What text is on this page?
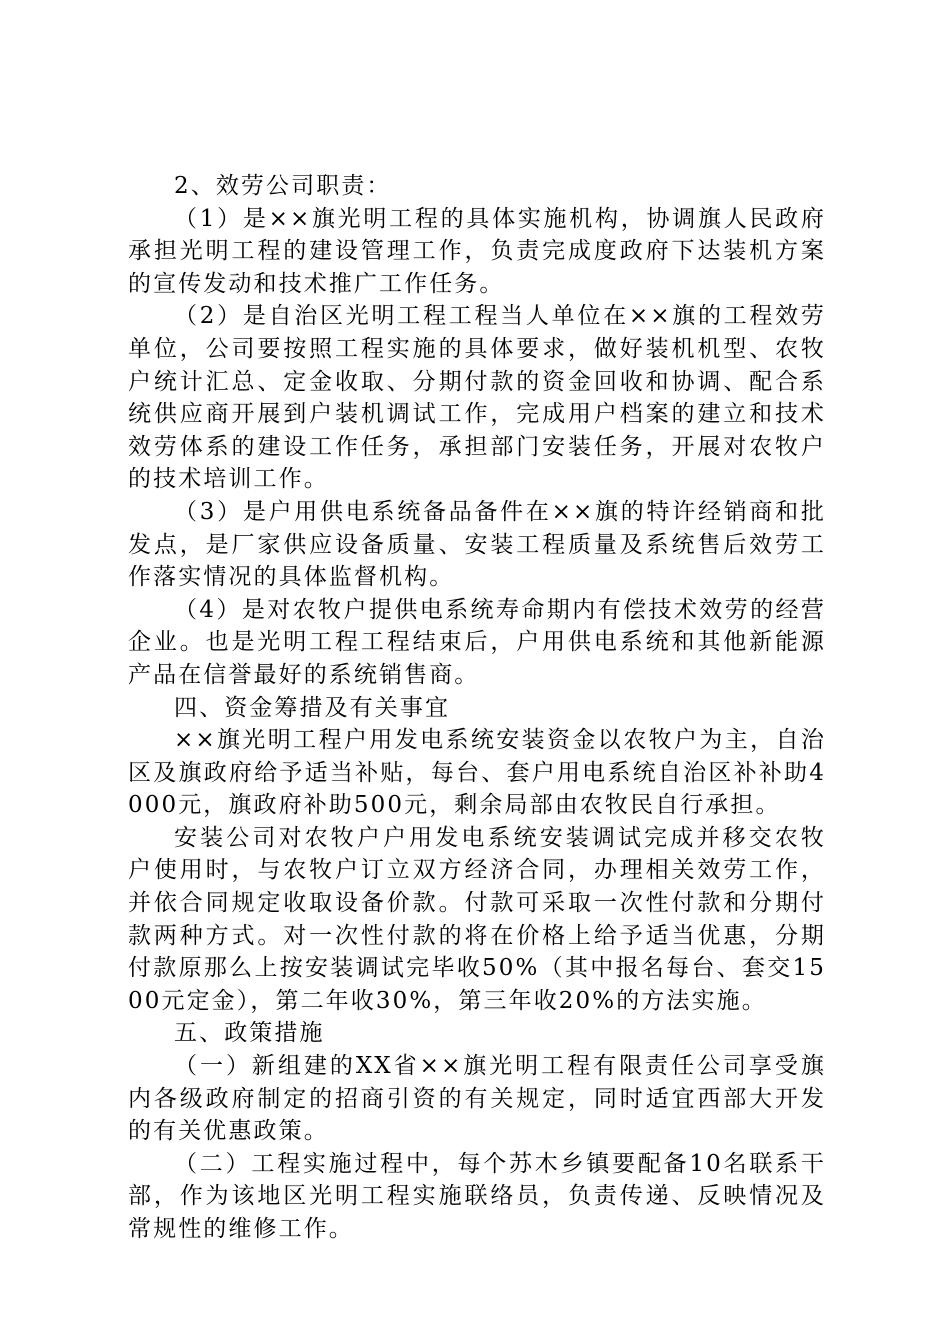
2、效劳公司职责：

（1）是××旗光明工程的具体实施机构，协调旗人民政府承担光明工程的建设管理工作，负责完成度政府下达装机方案的宣传发动和技术推广工作任务。

（2）是自治区光明工程工程当人单位在××旗的工程效劳单位，公司要按照工程实施的具体要求，做好装机机型、农牧户统计汇总、定金收取、分期付款的资金回收和协调、配合系统供应商开展到户装机调试工作，完成用户档案的建立和技术效劳体系的建设工作任务，承担部门安装任务，开展对农牧户的技术培训工作。

（3）是户用供电系统备品备件在××旗的特许经销商和批发点，是厂家供应设备质量、安装工程质量及系统售后效劳工作落实情况的具体监督机构。

（4）是对农牧户提供电系统寿命期内有偿技术效劳的经营企业。也是光明工程工程结束后，户用供电系统和其他新能源产品在信誉最好的系统销售商。

四、资金筹措及有关事宜

××旗光明工程户用发电系统安装资金以农牧户为主，自治区及旗政府给予适当补贴，每台、套户用电系统自治区补补助4000元，旗政府补助500元，剩余局部由农牧民自行承担。

安装公司对农牧户户用发电系统安装调试完成并移交农牧户使用时，与农牧户订立双方经济合同，办理相关效劳工作，并依合同规定收取设备价款。付款可采取一次性付款和分期付款两种方式。对一次性付款的将在价格上给予适当优惠，分期付款原那么上按安装调试完毕收50%（其中报名每台、套交1500元定金），第二年收30%，第三年收20%的方法实施。

五、政策措施

（一）新组建的XX省××旗光明工程有限责任公司享受旗内各级政府制定的招商引资的有关规定，同时适宜西部大开发的有关优惠政策。

（二）工程实施过程中，每个苏木乡镇要配备10名联系干部，作为该地区光明工程实施联络员，负责传递、反映情况及常规性的维修工作。
